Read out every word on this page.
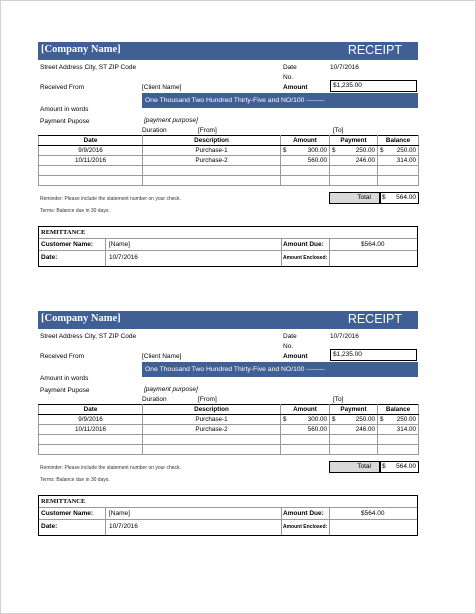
[Company Name]	RECEIPT
Street Address City, ST ZIP Code	Date	10/7/2016
No.
Received From	[Client Name]	Amount	$1,235.00
Amount in words
One Thousand Two Hundred Thirty-Five and NO/100 --------
Payment Pupose	[payment purpose]
Duration	[From]	[To]
Date	Description	Amount	Payment	Balance
9/9/2016	Purchase-1	$ 300.00	$ 250.00	$ 250.00
10/11/2016	Purchase-2	560.00	246.00	314.00

Total $ 564.00
Reminder: Please include the statement number on your check.
Terms: Balance due in 30 days.
REMITTANCE
Customer Name: [Name]	Amount Due:	$564.00
Date:	10/7/2016	Amount Enclosed:
[Company Name]	RECEIPT
Street Address City, ST ZIP Code	Date	10/7/2016
No.
Received From	[Client Name]	Amount	$1,235.00
Amount in words
One Thousand Two Hundred Thirty-Five and NO/100 --------
Payment Pupose	[payment purpose]
Duration	[From]	[To]
Date	Description	Amount	Payment	Balance
9/9/2016	Purchase-1	$ 300.00	$ 250.00	$ 250.00
10/11/2016	Purchase-2	560.00	246.00	314.00

Total $ 564.00
Reminder: Please include the statement number on your check.
Terms: Balance due in 30 days.
REMITTANCE
Customer Name: [Name]	Amount Due:	$564.00
Date:	10/7/2016	Amount Enclosed:
